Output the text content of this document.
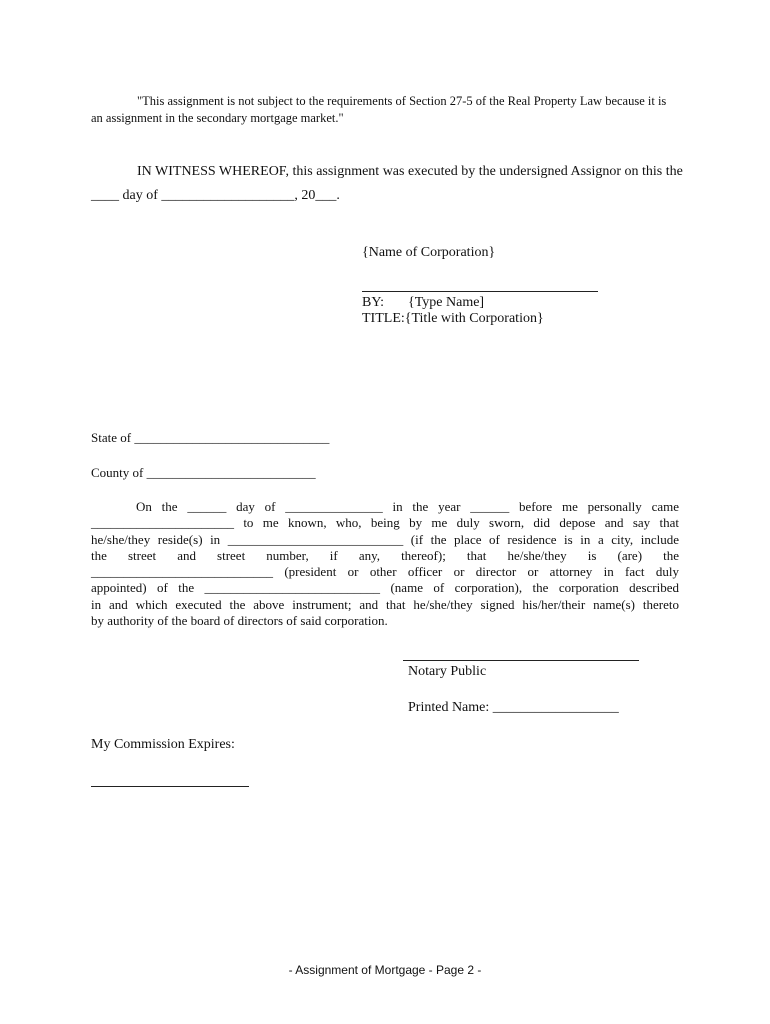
"This assignment is not subject to the requirements of Section 27-5 of the Real Property Law because it is
an assignment in the secondary mortgage market."
IN WITNESS WHEREOF, this assignment was executed by the undersigned Assignor on this the
____ day of ___________________, 20___.
{Name of Corporation}
BY: {Type Name]
TITLE:{Title with Corporation}
State of ______________________________
County of __________________________
On the ______ day of _______________ in the year ______ before me personally came
______________________ to me known, who, being by me duly sworn, did depose and say that
he/she/they reside(s) in ___________________________ (if the place of residence is in a city, include
the street and street number, if any, thereof); that he/she/they is (are) the
____________________________ (president or other officer or director or attorney in fact duly
appointed) of the ___________________________ (name of corporation), the corporation described
in and which executed the above instrument; and that he/she/they signed his/her/their name(s) thereto
by authority of the board of directors of said corporation.
Notary Public
Printed Name: __________________
My Commission Expires:
- Assignment of Mortgage - Page 2 -
